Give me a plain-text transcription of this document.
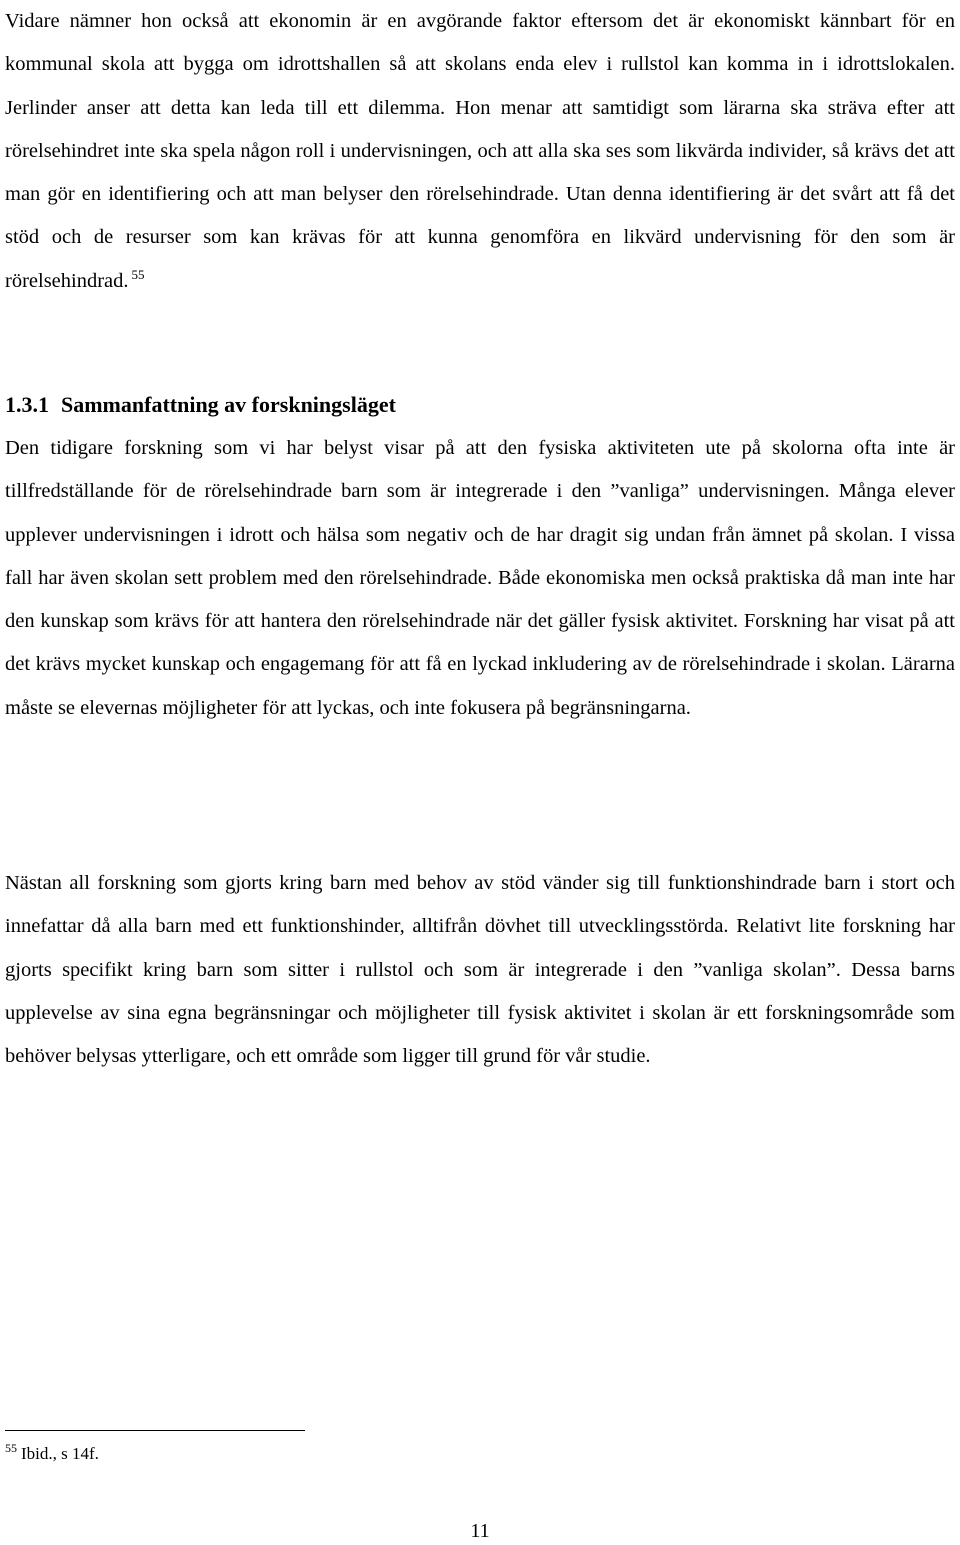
Vidare nämner hon också att ekonomin är en avgörande faktor eftersom det är ekonomiskt kännbart för en kommunal skola att bygga om idrottshallen så att skolans enda elev i rullstol kan komma in i idrottslokalen. Jerlinder anser att detta kan leda till ett dilemma. Hon menar att samtidigt som lärarna ska sträva efter att rörelsehindret inte ska spela någon roll i undervisningen, och att alla ska ses som likvärda individer, så krävs det att man gör en identifiering och att man belyser den rörelsehindrade. Utan denna identifiering är det svårt att få det stöd och de resurser som kan krävas för att kunna genomföra en likvärd undervisning för den som är rörelsehindrad. $^{55}$

1.3.1 Sammanfattning av forskningsläget

Den tidigare forskning som vi har belyst visar på att den fysiska aktiviteten ute på skolorna ofta inte är tillfredställande för de rörelsehindrade barn som är integrerade i den ”vanliga” undervisningen. Många elever upplever undervisningen i idrott och hälsa som negativ och de har dragit sig undan från ämnet på skolan. I vissa fall har även skolan sett problem med den rörelsehindrade. Både ekonomiska men också praktiska då man inte har den kunskap som krävs för att hantera den rörelsehindrade när det gäller fysisk aktivitet. Forskning har visat på att det krävs mycket kunskap och engagemang för att få en lyckad inkludering av de rörelsehindrade i skolan. Lärarna måste se elevernas möjligheter för att lyckas, och inte fokusera på begränsningarna.

Nästan all forskning som gjorts kring barn med behov av stöd vänder sig till funktionshindrade barn i stort och innefattar då alla barn med ett funktionshinder, alltifrån dövhet till utvecklingsstörda. Relativt lite forskning har gjorts specifikt kring barn som sitter i rullstol och som är integrerade i den ”vanliga skolan”. Dessa barns upplevelse av sina egna begränsningar och möjligheter till fysisk aktivitet i skolan är ett forskningsområde som behöver belysas ytterligare, och ett område som ligger till grund för vår studie.

$^{55}$ Ibid., s 14f.

11
